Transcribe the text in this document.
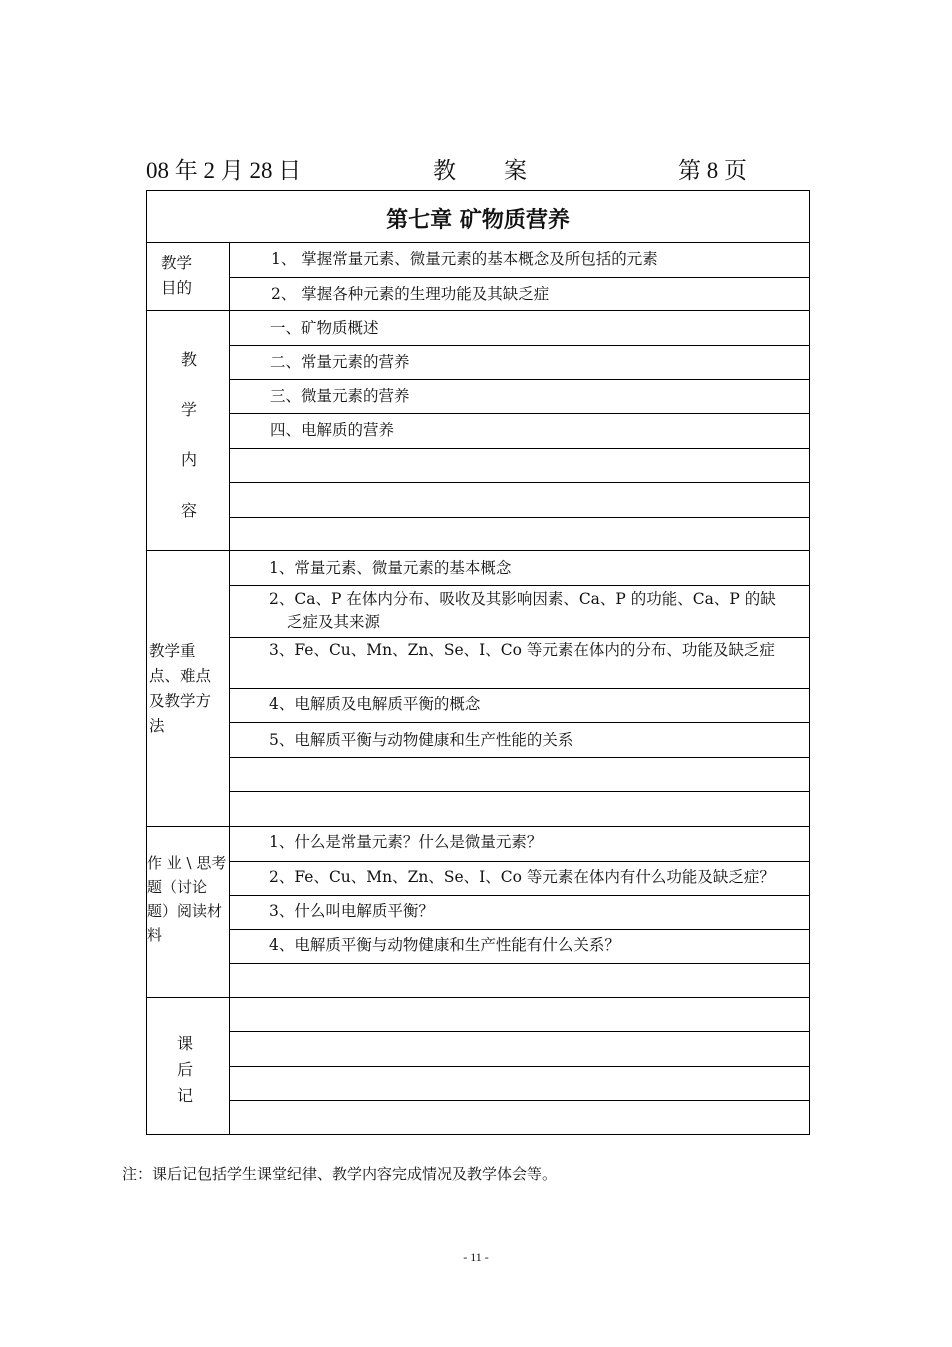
08 年 2 月 28 日	教案	第 8 页
第七章 矿物质营养
教学目的
1、 掌握常量元素、微量元素的基本概念及所包括的元素
2、 掌握各种元素的生理功能及其缺乏症
教
学
内
容
一、矿物质概述
二、常量元素的营养
三、微量元素的营养
四、电解质的营养
教学重点、难点及教学方法
1、常量元素、微量元素的基本概念
2、Ca、P 在体内分布、吸收及其影响因素、Ca、P 的功能、Ca、P 的缺乏症及其来源
3、Fe、Cu、Mn、Zn、Se、I、Co 等元素在体内的分布、功能及缺乏症
4、电解质及电解质平衡的概念
5、电解质平衡与动物健康和生产性能的关系
作 业 \ 思考题（讨论题）阅读材料
1、什么是常量元素？什么是微量元素？
2、Fe、Cu、Mn、Zn、Se、I、Co 等元素在体内有什么功能及缺乏症？
3、什么叫电解质平衡？
4、电解质平衡与动物健康和生产性能有什么关系？
课
后
记
注：课后记包括学生课堂纪律、教学内容完成情况及教学体会等。
- 11 -
